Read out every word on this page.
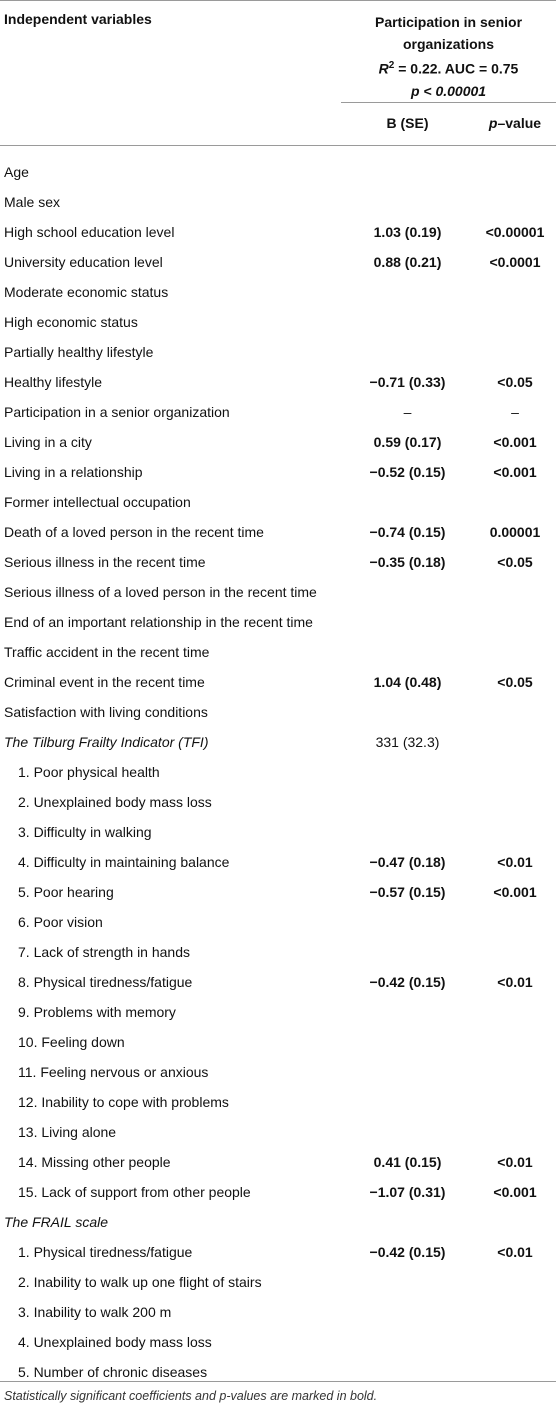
Independent variables	Participation in senior
organizations
$R^2 = 0.22$. AUC = 0.75
p < 0.00001
B (SE)	p–value
Age
Male sex
High school education level	1.03 (0.19)	<0.00001
University education level	0.88 (0.21)	<0.0001
Moderate economic status
High economic status
Partially healthy lifestyle
Healthy lifestyle	−0.71 (0.33)	<0.05
Participation in a senior organization	–	–
Living in a city	0.59 (0.17)	<0.001
Living in a relationship	−0.52 (0.15)	<0.001
Former intellectual occupation
Death of a loved person in the recent time	−0.74 (0.15)	0.00001
Serious illness in the recent time	−0.35 (0.18)	<0.05
Serious illness of a loved person in the recent time
End of an important relationship in the recent time
Traffic accident in the recent time
Criminal event in the recent time	1.04 (0.48)	<0.05
Satisfaction with living conditions
The Tilburg Frailty Indicator (TFI)	331 (32.3)
1. Poor physical health
2. Unexplained body mass loss
3. Difficulty in walking
4. Difficulty in maintaining balance	−0.47 (0.18)	<0.01
5. Poor hearing	−0.57 (0.15)	<0.001
6. Poor vision
7. Lack of strength in hands
8. Physical tiredness/fatigue	−0.42 (0.15)	<0.01
9. Problems with memory
10. Feeling down
11. Feeling nervous or anxious
12. Inability to cope with problems
13. Living alone
14. Missing other people	0.41 (0.15)	<0.01
15. Lack of support from other people	−1.07 (0.31)	<0.001
The FRAIL scale
1. Physical tiredness/fatigue	−0.42 (0.15)	<0.01
2. Inability to walk up one flight of stairs
3. Inability to walk 200 m
4. Unexplained body mass loss
5. Number of chronic diseases
Statistically significant coefficients and p-values are marked in bold.
